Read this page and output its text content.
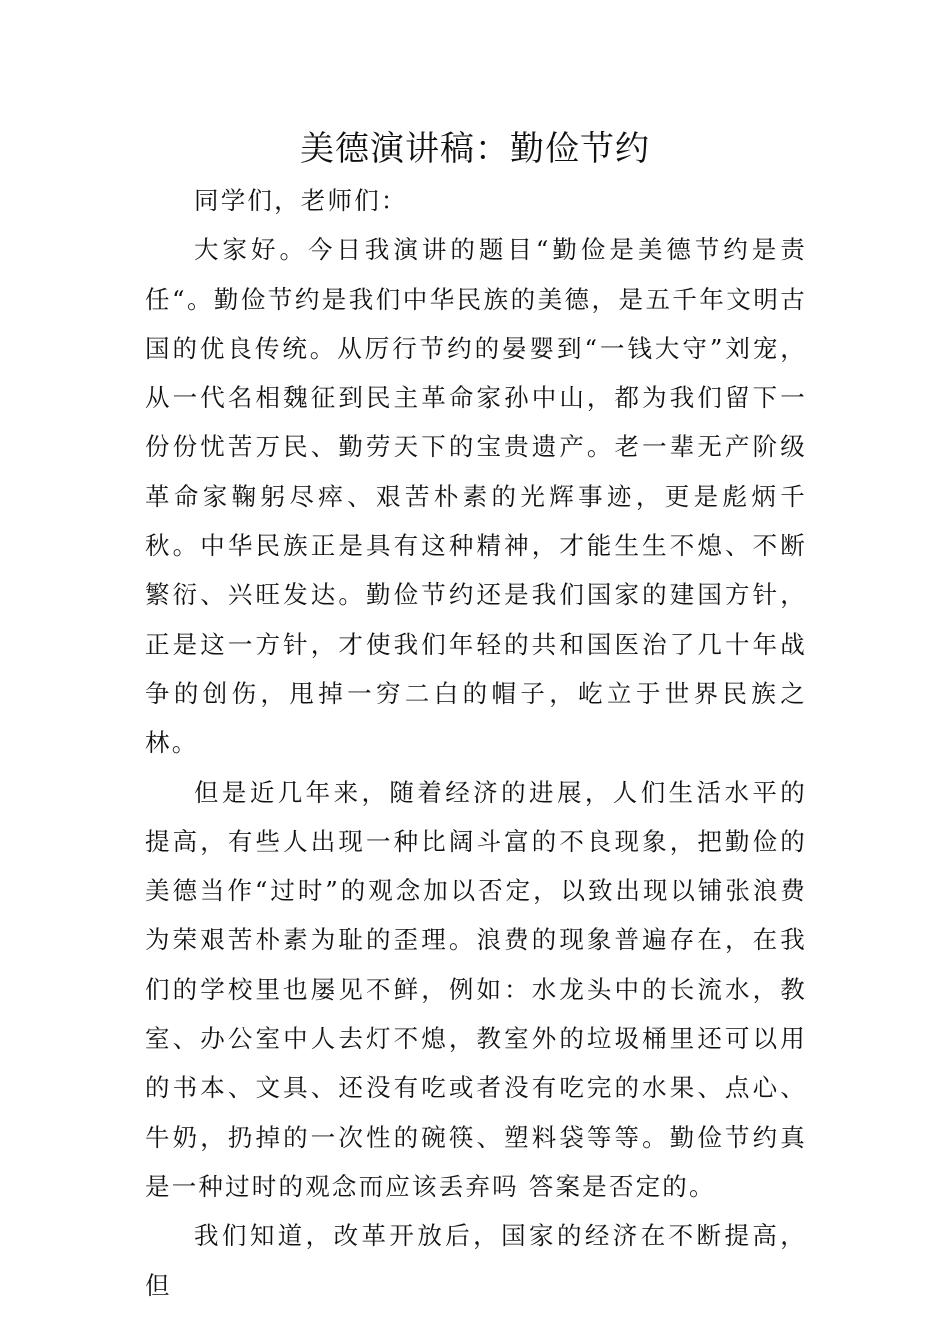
美德演讲稿：勤俭节约

同学们，老师们：

大家好。今日我演讲的题目“勤俭是美德节约是责任“。勤俭节约是我们中华民族的美德，是五千年文明古国的优良传统。从厉行节约的晏婴到“一钱大守”刘宠，从一代名相魏征到民主革命家孙中山，都为我们留下一份份忧苦万民、勤劳天下的宝贵遗产。老一辈无产阶级革命家鞠躬尽瘁、艰苦朴素的光辉事迹，更是彪炳千秋。中华民族正是具有这种精神，才能生生不熄、不断繁衍、兴旺发达。勤俭节约还是我们国家的建国方针，正是这一方针，才使我们年轻的共和国医治了几十年战争的创伤，甩掉一穷二白的帽子，屹立于世界民族之林。

但是近几年来，随着经济的进展，人们生活水平的提高，有些人出现一种比阔斗富的不良现象，把勤俭的美德当作“过时”的观念加以否定，以致出现以铺张浪费为荣艰苦朴素为耻的歪理。浪费的现象普遍存在，在我们的学校里也屡见不鲜，例如：水龙头中的长流水，教室、办公室中人去灯不熄，教室外的垃圾桶里还可以用的书本、文具、还没有吃或者没有吃完的水果、点心、牛奶，扔掉的一次性的碗筷、塑料袋等等。勤俭节约真是一种过时的观念而应该丢弃吗 答案是否定的。

我们知道，改革开放后，国家的经济在不断提高，但
